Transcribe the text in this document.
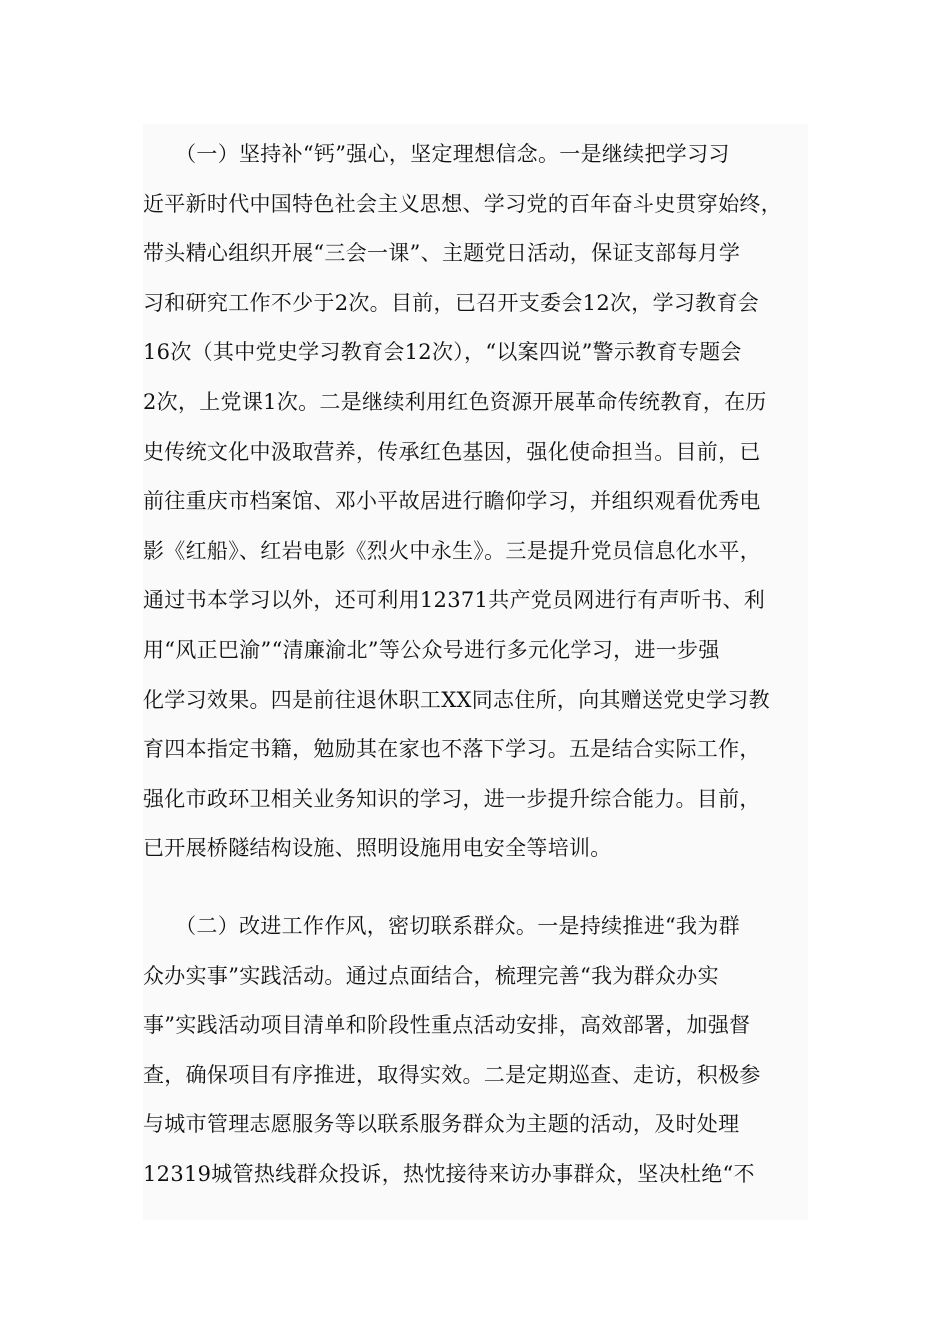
　　（一）坚持补“钙”强心，坚定理想信念。一是继续把学习习
近平新时代中国特色社会主义思想、学习党的百年奋斗史贯穿始终，
带头精心组织开展“三会一课”、主题党日活动，保证支部每月学
习和研究工作不少于2次。目前，已召开支委会12次，学习教育会
16次（其中党史学习教育会12次），“以案四说”警示教育专题会
2次，上党课1次。二是继续利用红色资源开展革命传统教育，在历
史传统文化中汲取营养，传承红色基因，强化使命担当。目前，已
前往重庆市档案馆、邓小平故居进行瞻仰学习，并组织观看优秀电
影《红船》、红岩电影《烈火中永生》。三是提升党员信息化水平，
通过书本学习以外，还可利用12371共产党员网进行有声听书、利
用“风正巴渝”“清廉渝北”等公众号进行多元化学习，进一步强
化学习效果。四是前往退休职工XX同志住所，向其赠送党史学习教
育四本指定书籍，勉励其在家也不落下学习。五是结合实际工作，
强化市政环卫相关业务知识的学习，进一步提升综合能力。目前，
已开展桥隧结构设施、照明设施用电安全等培训。
　　（二）改进工作作风，密切联系群众。一是持续推进“我为群
众办实事”实践活动。通过点面结合，梳理完善“我为群众办实
事”实践活动项目清单和阶段性重点活动安排，高效部署，加强督
查，确保项目有序推进，取得实效。二是定期巡查、走访，积极参
与城市管理志愿服务等以联系服务群众为主题的活动，及时处理
12319城管热线群众投诉，热忱接待来访办事群众，坚决杜绝“不
